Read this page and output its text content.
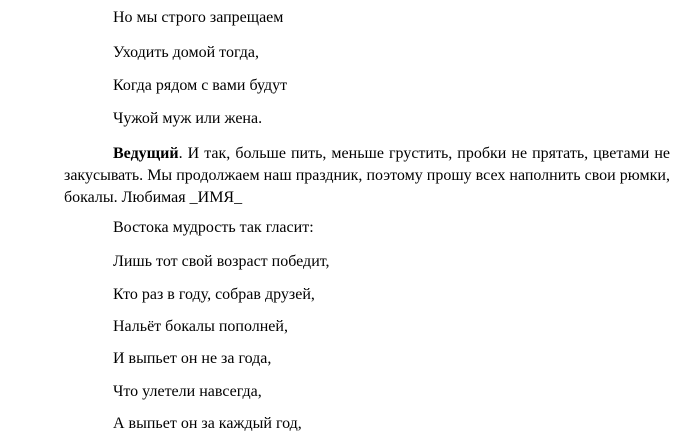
Но мы строго запрещаем
Уходить домой тогда,
Когда рядом с вами будут
Чужой муж или жена.
Ведущий. И так, больше пить, меньше грустить, пробки не прятать, цветами не закусывать. Мы продолжаем наш праздник, поэтому прошу всех наполнить свои рюмки, бокалы. Любимая _ИМЯ_
Востока мудрость так гласит:
Лишь тот свой возраст победит,
Кто раз в году, собрав друзей,
Нальёт бокалы пополней,
И выпьет он не за года,
Что улетели навсегда,
А выпьет он за каждый год,
